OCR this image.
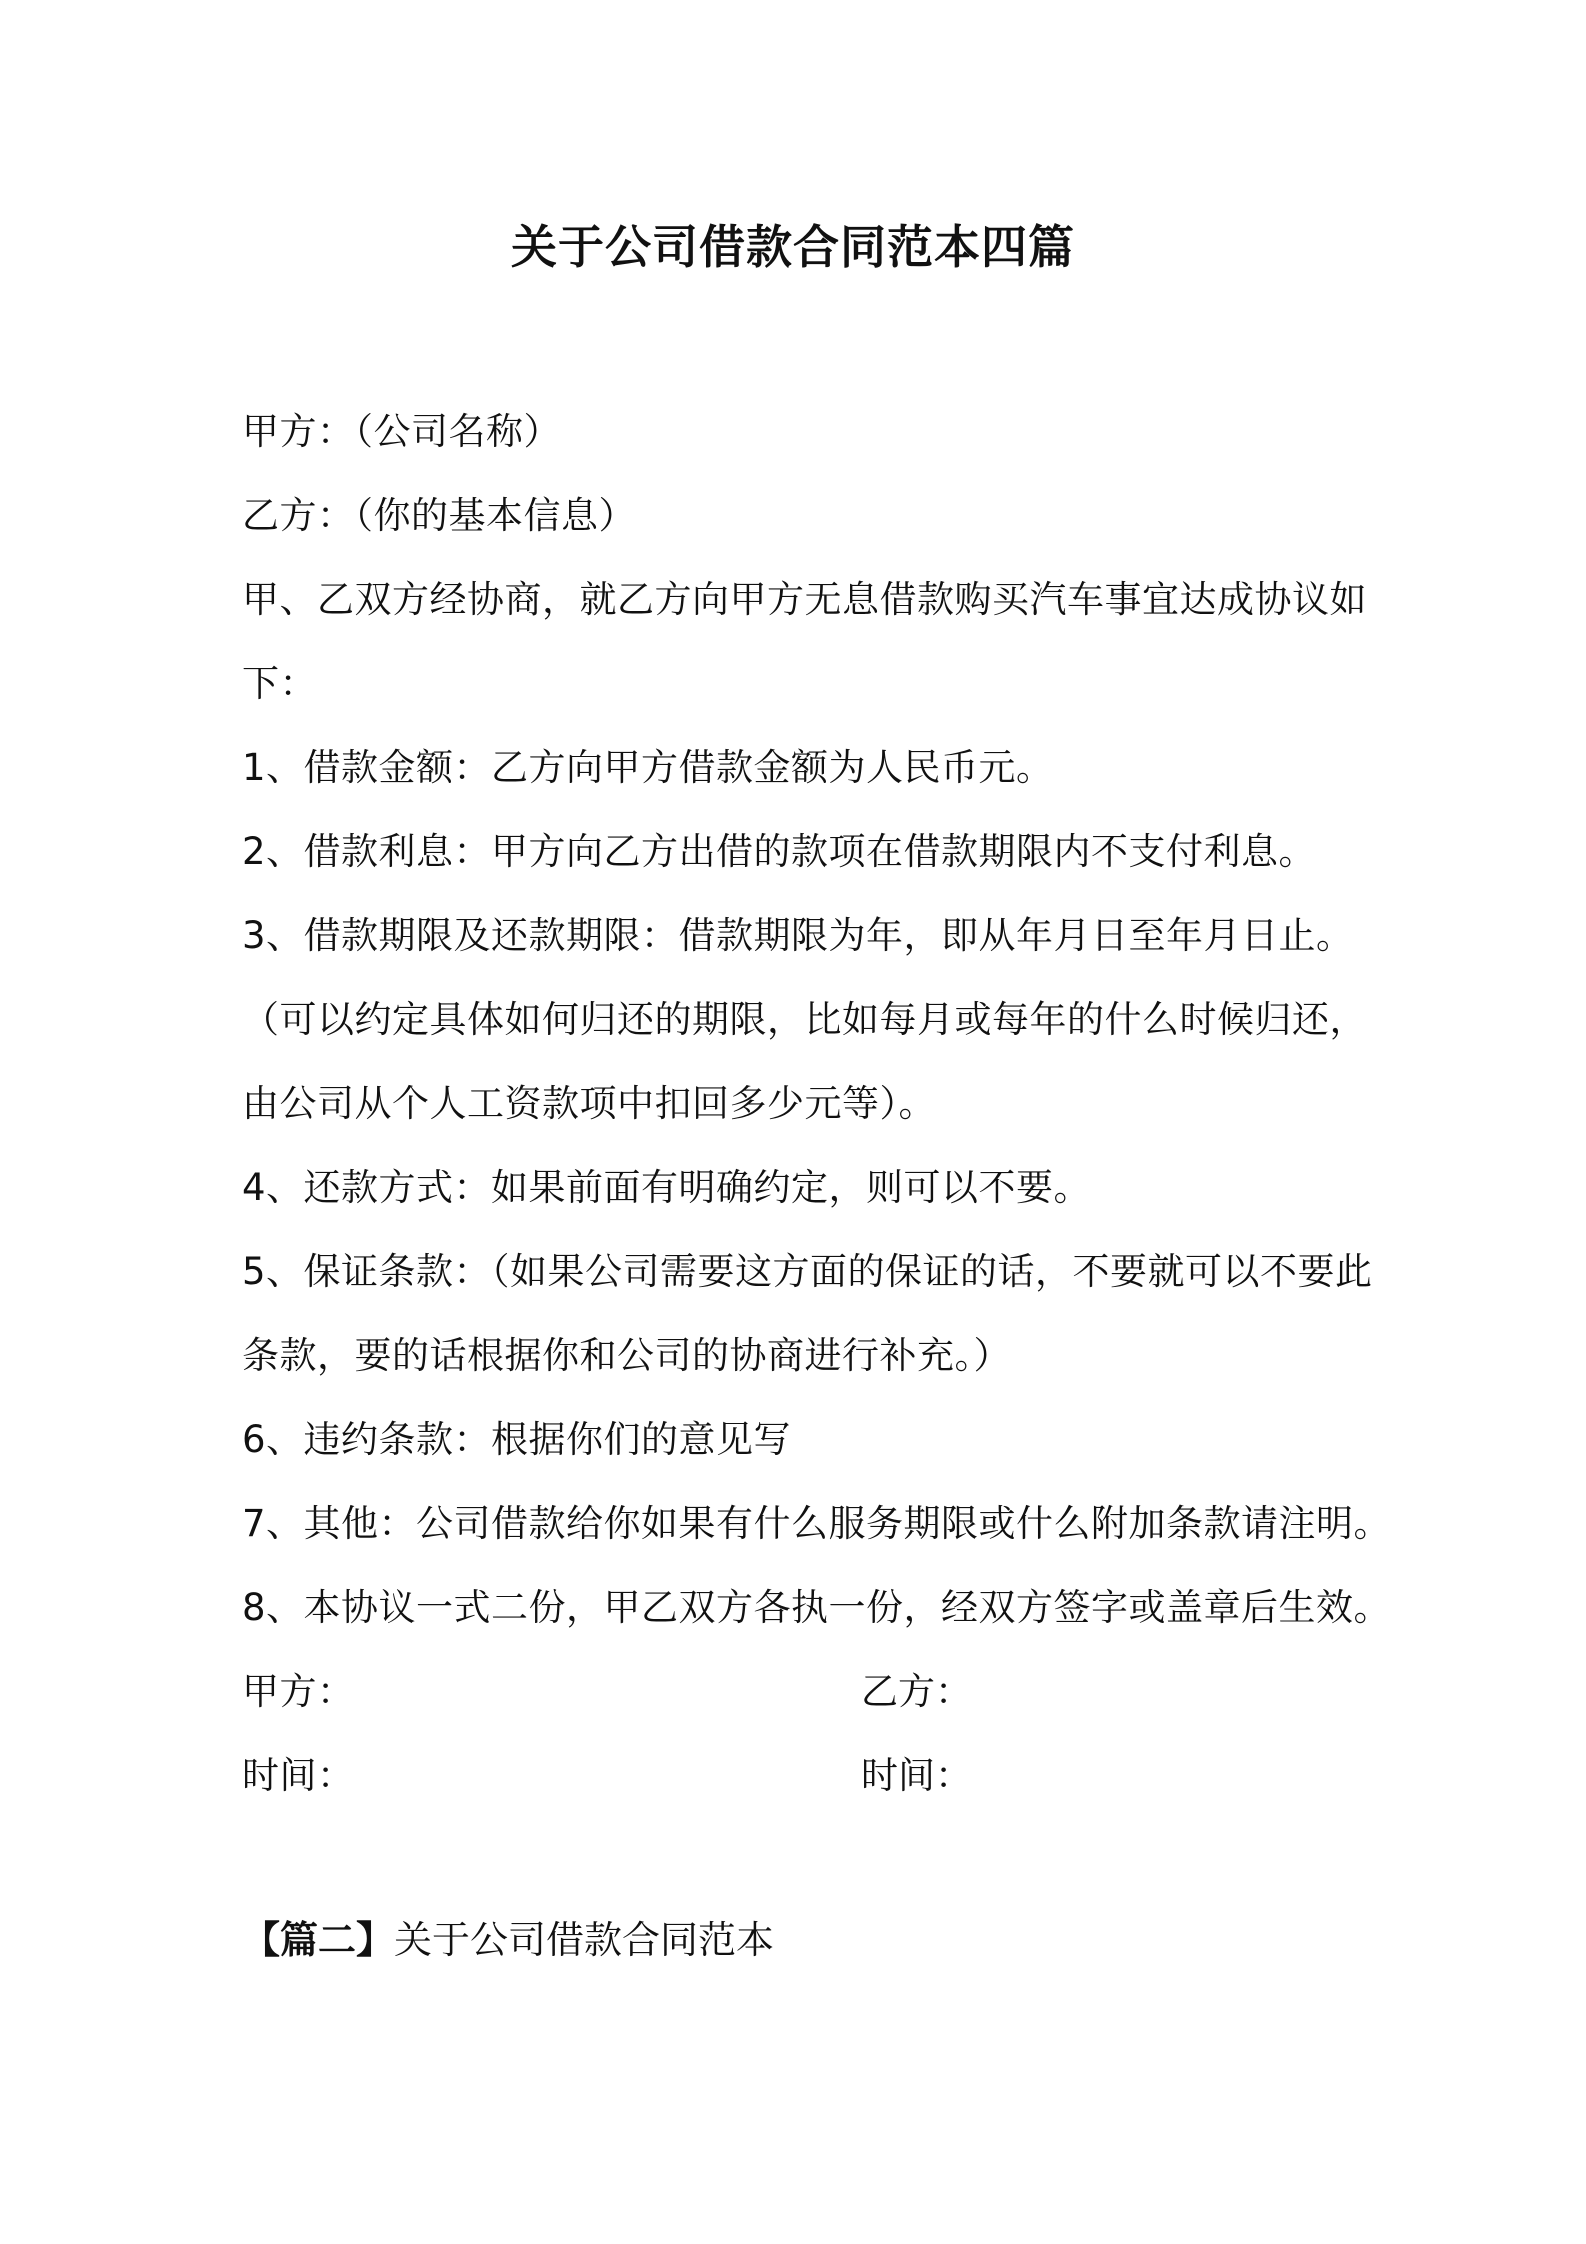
关于公司借款合同范本四篇
甲方：（公司名称）
乙方：（你的基本信息）
甲、乙双方经协商，就乙方向甲方无息借款购买汽车事宜达成协议如
下：
1、借款金额：乙方向甲方借款金额为人民币元。
2、借款利息：甲方向乙方出借的款项在借款期限内不支付利息。
3、借款期限及还款期限：借款期限为年，即从年月日至年月日止。
（可以约定具体如何归还的期限，比如每月或每年的什么时候归还，
由公司从个人工资款项中扣回多少元等）。
4、还款方式：如果前面有明确约定，则可以不要。
5、保证条款：（如果公司需要这方面的保证的话，不要就可以不要此
条款，要的话根据你和公司的协商进行补充。）
6、违约条款：根据你们的意见写
7、其他：公司借款给你如果有什么服务期限或什么附加条款请注明。
8、本协议一式二份，甲乙双方各执一份，经双方签字或盖章后生效。
甲方：	乙方：
时间：	时间：
【篇二】关于公司借款合同范本
